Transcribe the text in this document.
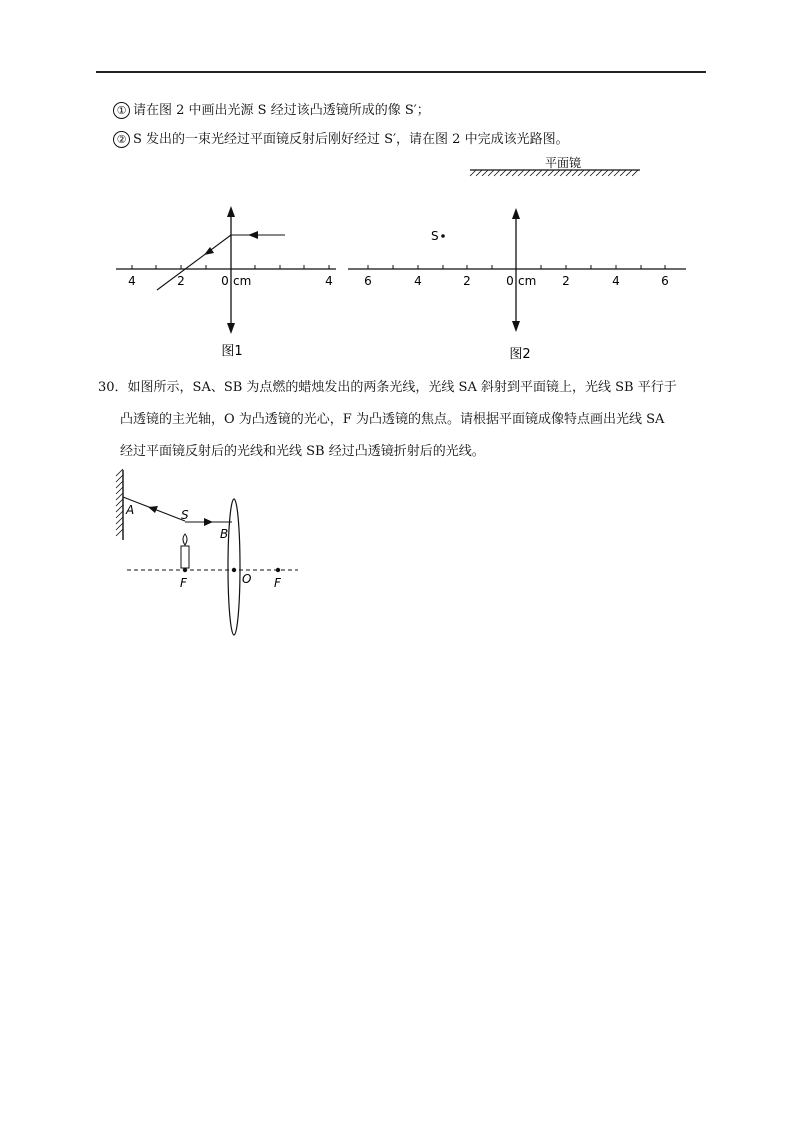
① 请在图 2 中画出光源 S 经过该凸透镜所成的像 S′；
② S 发出的一束光经过平面镜反射后刚好经过 S′，请在图 2 中完成该光路图。
4	2	0 cm	4
图1
平面镜
S
6	4	2	0 cm 2	4	6
图2
30．如图所示，SA、SB 为点燃的蜡烛发出的两条光线，光线 SA 斜射到平面镜上，光线 SB 平行于
凸透镜的主光轴，O 为凸透镜的光心，F 为凸透镜的焦点。请根据平面镜成像特点画出光线 SA
经过平面镜反射后的光线和光线 SB 经过凸透镜折射后的光线。
A	S
B
F	O F
